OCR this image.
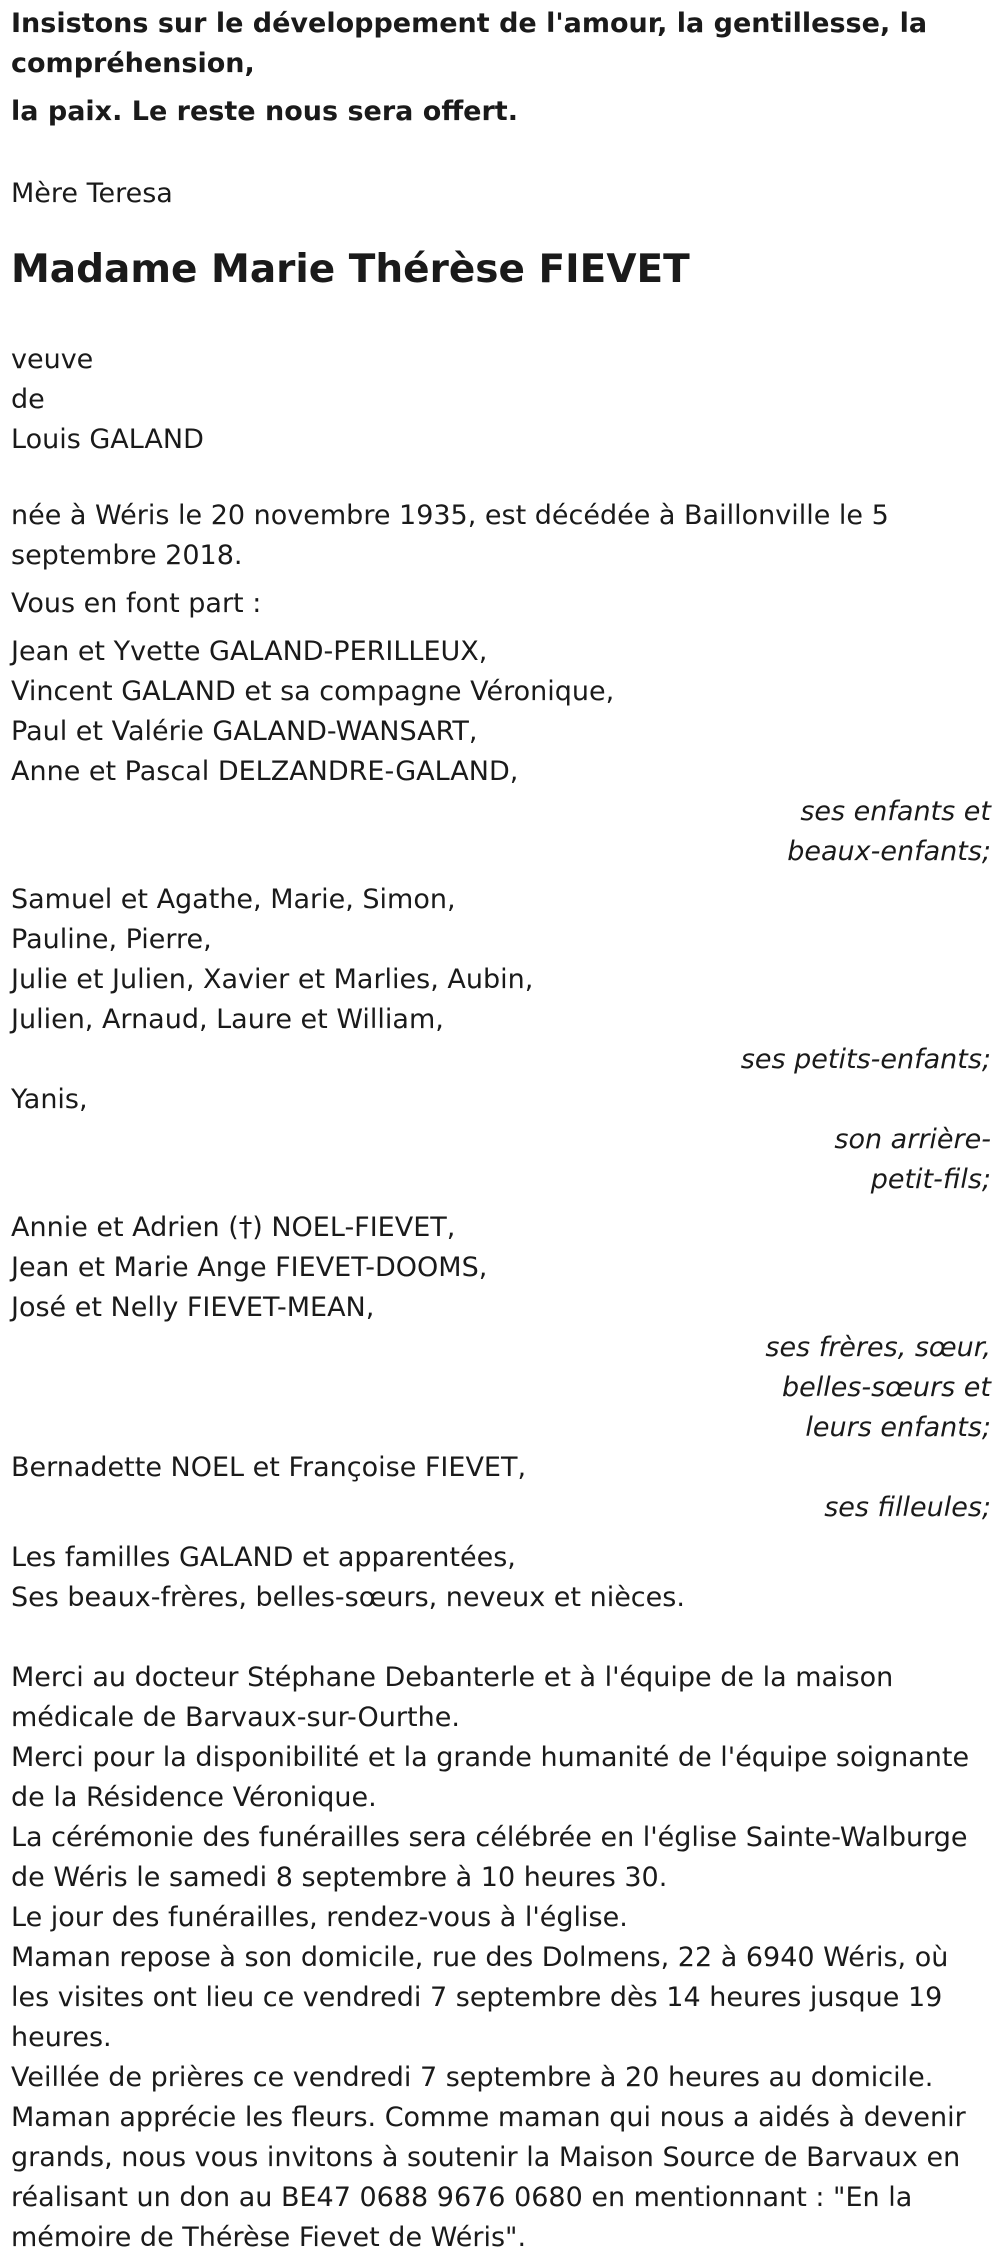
Insistons sur le développement de l'amour, la gentillesse, la compréhension,

la paix. Le reste nous sera offert.

Mère Teresa

Madame Marie Thérèse FIEVET
veuve
de
Louis GALAND

née à Wéris le 20 novembre 1935, est décédée à Baillonville le 5 septembre 2018.

Vous en font part :

Jean et Yvette GALAND-PERILLEUX,
Vincent GALAND et sa compagne Véronique,
Paul et Valérie GALAND-WANSART,
Anne et Pascal DELZANDRE-GALAND,
ses enfants et
beaux-enfants;
Samuel et Agathe, Marie, Simon,
Pauline, Pierre,
Julie et Julien, Xavier et Marlies, Aubin,
Julien, Arnaud, Laure et William,
ses petits-enfants;
Yanis,
son arrière-
petit-fils;
Annie et Adrien (†) NOEL-FIEVET,
Jean et Marie Ange FIEVET-DOOMS,
José et Nelly FIEVET-MEAN,
ses frères, sœur,
belles-sœurs et
leurs enfants;
Bernadette NOEL et Françoise FIEVET,
ses filleules;
Les familles GALAND et apparentées,
Ses beaux-frères, belles-sœurs, neveux et nièces.

Merci au docteur Stéphane Debanterle et à l'équipe de la maison médicale de Barvaux-sur-Ourthe.

Merci pour la disponibilité et la grande humanité de l'équipe soignante de la Résidence Véronique.

La cérémonie des funérailles sera célébrée en l'église Sainte-Walburge de Wéris le samedi 8 septembre à 10 heures 30.

Le jour des funérailles, rendez-vous à l'église.

Maman repose à son domicile, rue des Dolmens, 22 à 6940 Wéris, où les visites ont lieu ce vendredi 7 septembre dès 14 heures jusque 19 heures.

Veillée de prières ce vendredi 7 septembre à 20 heures au domicile.

Maman apprécie les fleurs. Comme maman qui nous a aidés à devenir grands, nous vous invitons à soutenir la Maison Source de Barvaux en réalisant un don au BE47 0688 9676 0680 en mentionnant : "En la mémoire de Thérèse Fievet de Wéris".
